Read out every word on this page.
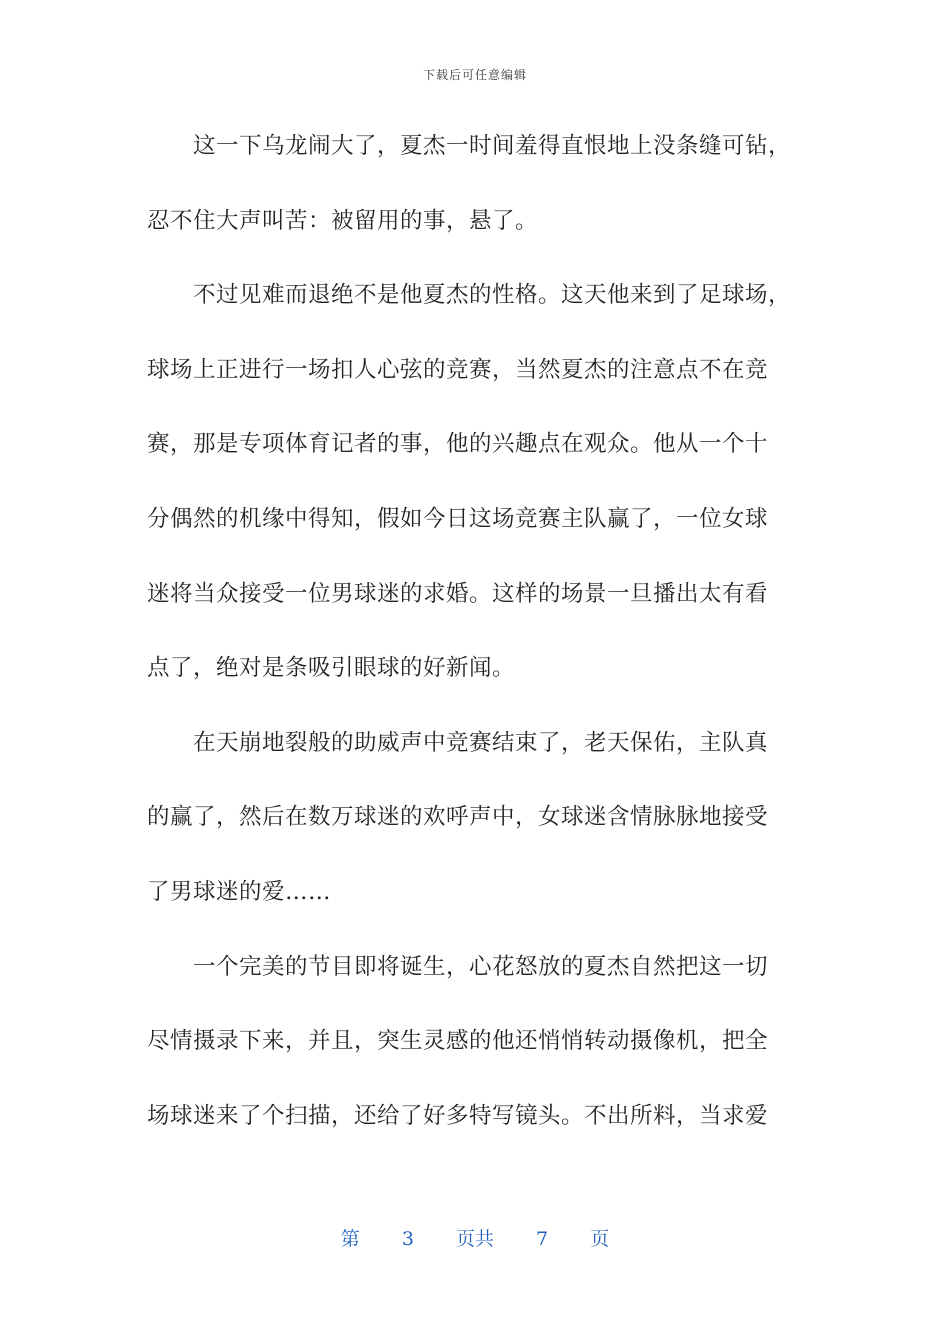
下载后可任意编辑
这一下乌龙闹大了，夏杰一时间羞得直恨地上没条缝可钻，
忍不住大声叫苦：被留用的事，悬了。
不过见难而退绝不是他夏杰的性格。这天他来到了足球场，
球场上正进行一场扣人心弦的竞赛，当然夏杰的注意点不在竞
赛，那是专项体育记者的事，他的兴趣点在观众。他从一个十
分偶然的机缘中得知，假如今日这场竞赛主队赢了，一位女球
迷将当众接受一位男球迷的求婚。这样的场景一旦播出太有看
点了，绝对是条吸引眼球的好新闻。
在天崩地裂般的助威声中竞赛结束了，老天保佑，主队真
的赢了，然后在数万球迷的欢呼声中，女球迷含情脉脉地接受
了男球迷的爱……
一个完美的节目即将诞生，心花怒放的夏杰自然把这一切
尽情摄录下来，并且，突生灵感的他还悄悄转动摄像机，把全
场球迷来了个扫描，还给了好多特写镜头。不出所料，当求爱
第 3 页共 7 页
